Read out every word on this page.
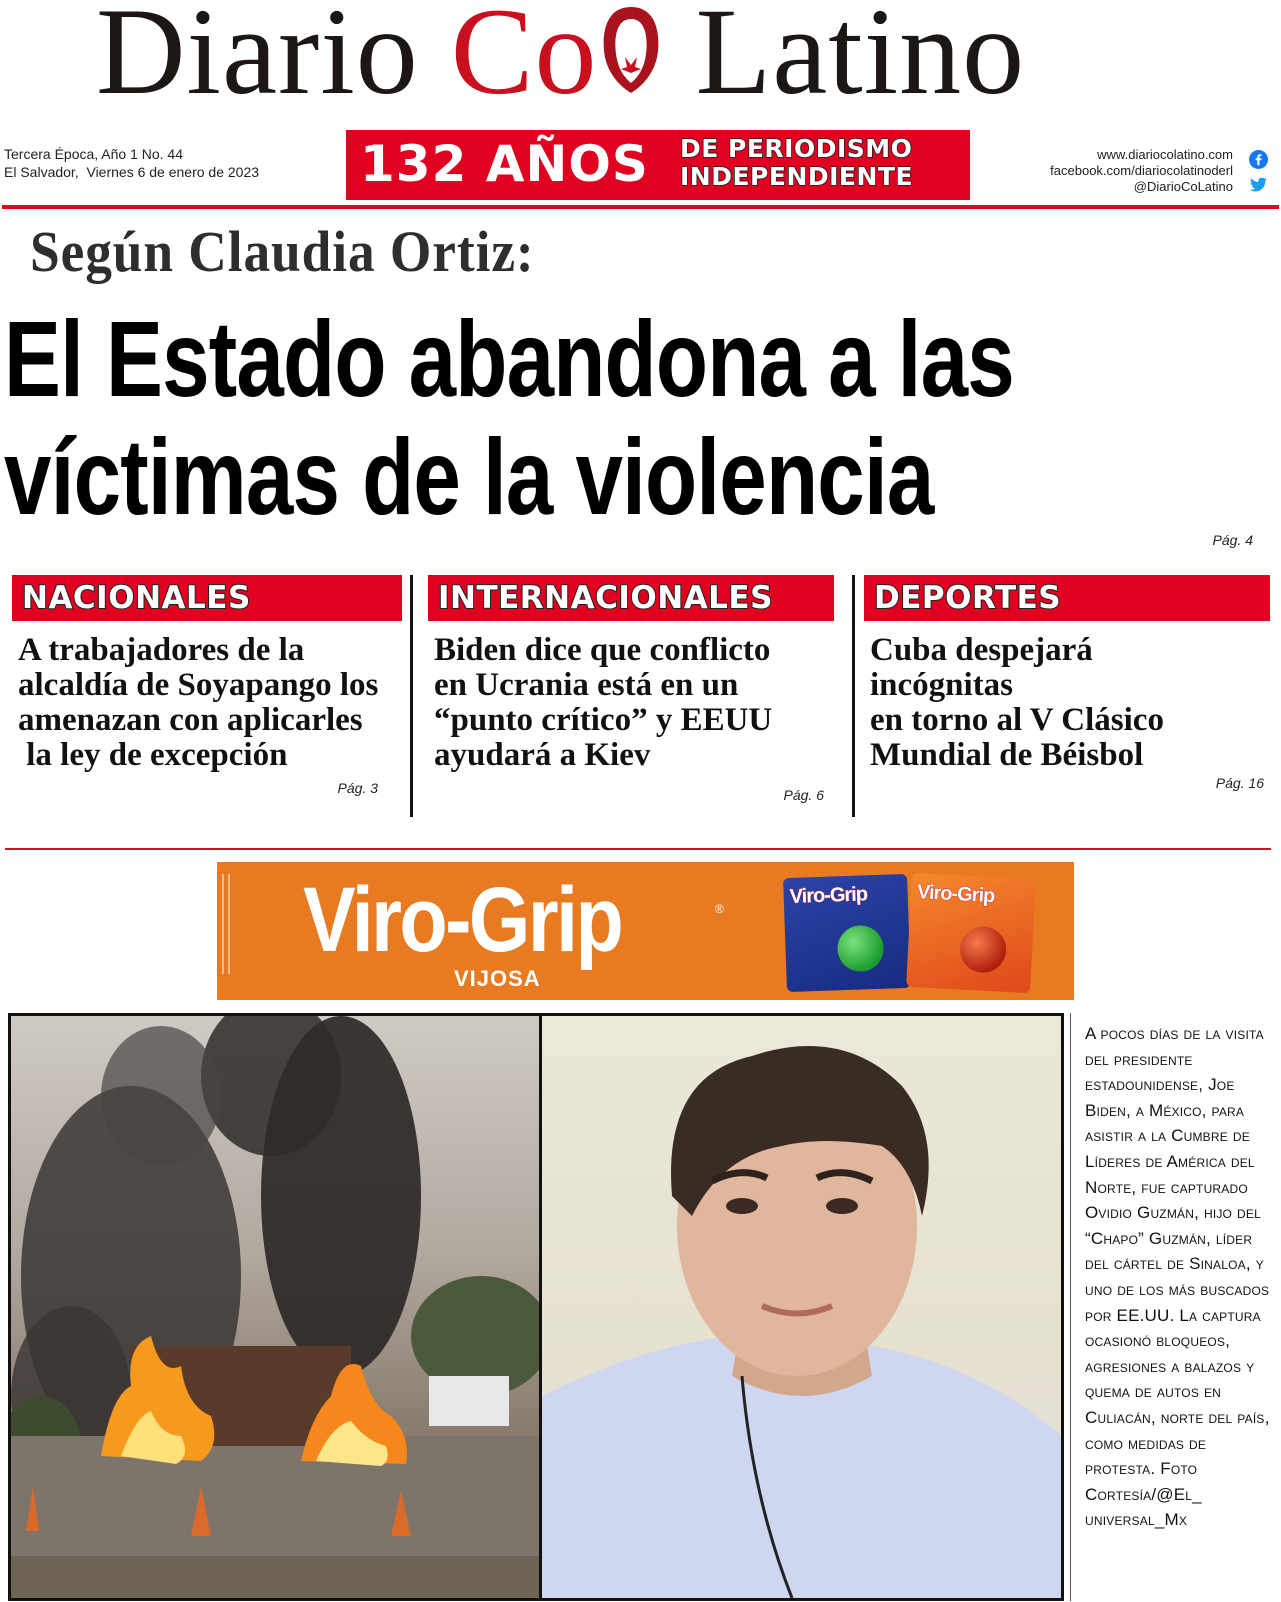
Diario Co Latino
Tercera Época, Año 1 No. 44
El Salvador,  Viernes 6 de enero de 2023 132 AÑOS DE PERIODISMO
INDEPENDIENTE
www.diariocolatino.com
facebook.com/diariocolatinoderl
@DiarioCoLatino
Según Claudia Ortiz:
El Estado abandona a las
víctimas de la violencia
Pág. 4
NACIONALES
A trabajadores de la
alcaldía de Soyapango los
amenazan con aplicarles
la ley de excepción
Pág. 3
INTERNACIONALES
Biden dice que conflicto
en Ucrania está en un
“punto crítico” y EEUU
ayudará a Kiev
Pág. 6
DEPORTES
Cuba despejará
incógnitas
en torno al V Clásico
Mundial de Béisbol
Pág. 16
Viro-Grip	®
VIJOSA
Viro-Grip Viro-Grip
A pocos días de la visita del presidente estadounidense, Joe Biden, a México, para asistir a la Cumbre de Líderes de América del Norte, fue capturado Ovidio Guzmán, hijo del “Chapo” Guzmán, líder del cártel de Sinaloa, y uno de los más buscados por EE.UU. La captura ocasionó bloqueos, agresiones a balazos y quema de autos en Culiacán, norte del país, como medidas de protesta. Foto Cortesía/@El_ universal_Mx
